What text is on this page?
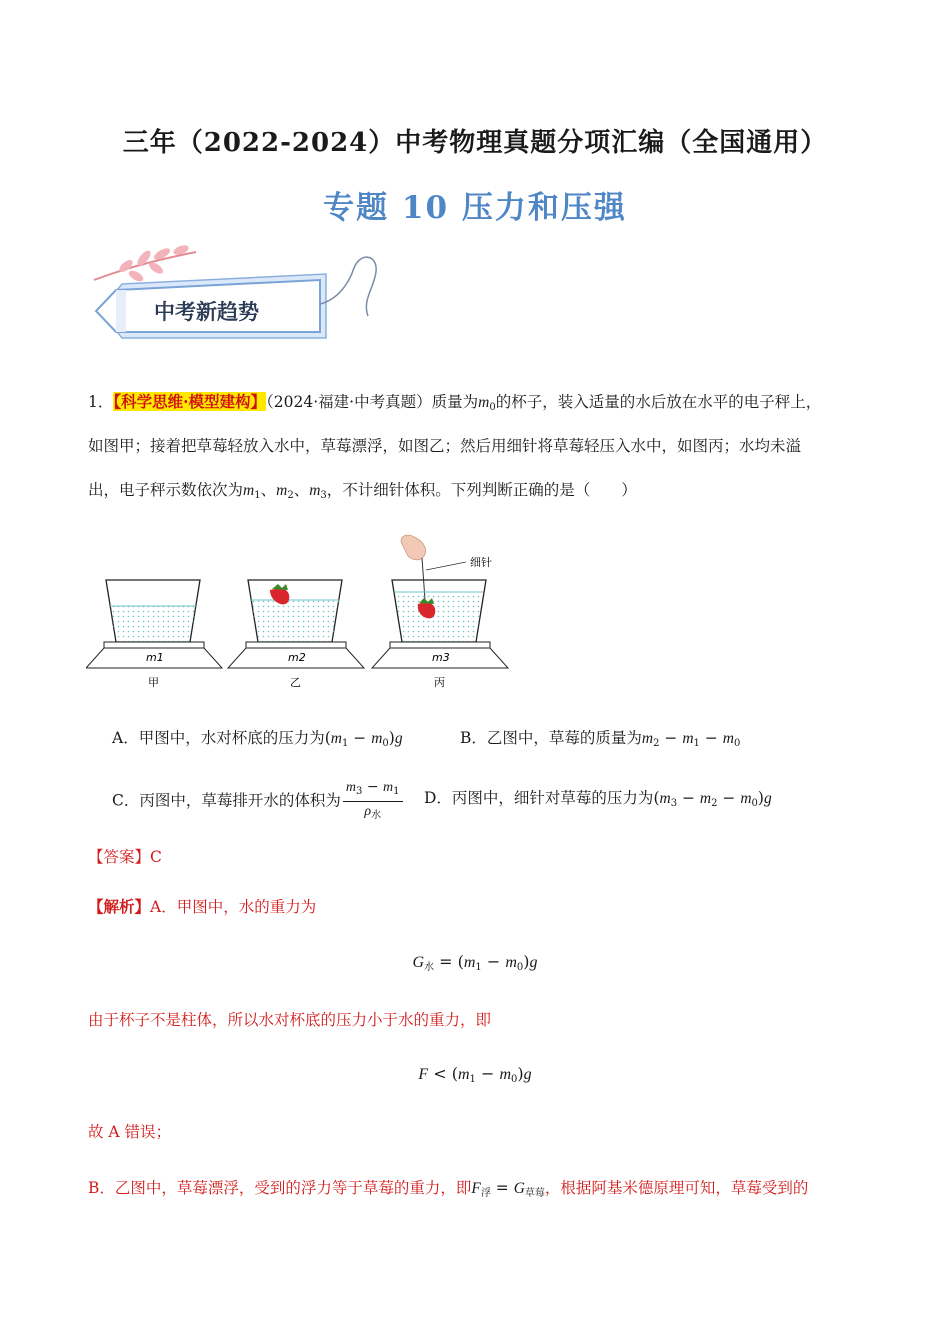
三年（2022-2024）中考物理真题分项汇编（全国通用）
专题 10 压力和压强
中考新趋势
1．【科学思维·模型建构】（2024·福建·中考真题）质量为$m_0$的杯子，装入适量的水后放在水平的电子秤上，
如图甲；接着把草莓轻放入水中，草莓漂浮，如图乙；然后用细针将草莓轻压入水中，如图丙；水均未溢
出，电子秤示数依次为$m_1$、$m_2$、$m_3$，不计细针体积。下列判断正确的是（　　）
细针
m1	m2	m3
甲	乙	丙
A．甲图中，水对杯底的压力为$(m_1 - m_0)g$	B．乙图中，草莓的质量为$m_2 - m_1 - m_0$
C．丙图中，草莓排开水的体积为 $\frac{m_3 - m_1}{\rho_水}$ D．丙图中，细针对草莓的压力为$(m_3 - m_2 - m_0)g$
【答案】C
【解析】A．甲图中，水的重力为
$G_水 = (m_1 - m_0)g$
由于杯子不是柱体，所以水对杯底的压力小于水的重力，即
$F < (m_1 - m_0)g$
故 A 错误；
B．乙图中，草莓漂浮，受到的浮力等于草莓的重力，即$F_浮 = G_{草莓}$，根据阿基米德原理可知，草莓受到的
